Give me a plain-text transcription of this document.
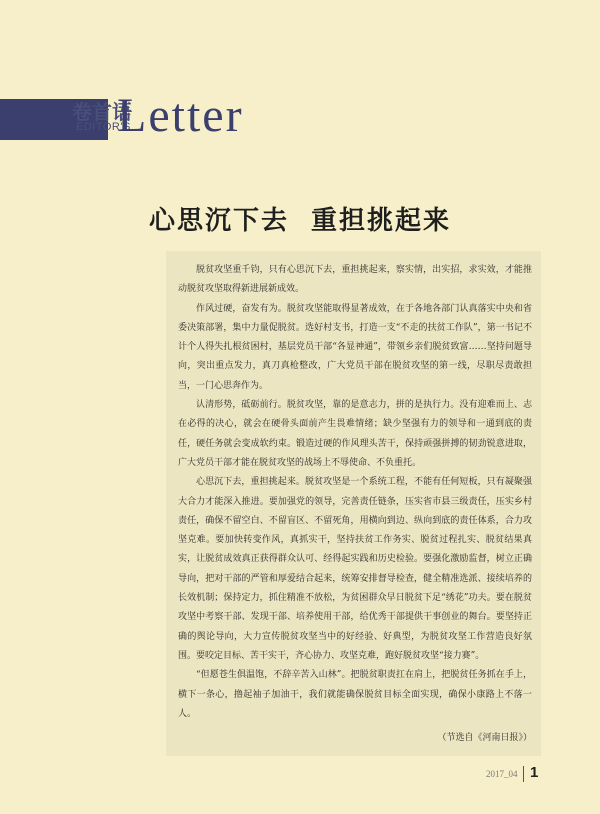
卷首语
EDITOR'S
Letter
心思沉下去  重担挑起来

脱贫攻坚重千钧，只有心思沉下去，重担挑起来，察实情，出实招，求实效，才能推动脱贫攻坚取得新进展新成效。

作风过硬，奋发有为。脱贫攻坚能取得显著成效，在于各地各部门认真落实中央和省委决策部署，集中力量促脱贫。选好村支书，打造一支“不走的扶贫工作队”，第一书记不计个人得失扎根贫困村，基层党员干部“各显神通”，带领乡亲们脱贫致富……坚持问题导向，突出重点发力，真刀真枪整改，广大党员干部在脱贫攻坚的第一线，尽职尽责敢担当，一门心思奔作为。

认清形势，砥砺前行。脱贫攻坚，靠的是意志力，拼的是执行力。没有迎难而上、志在必得的决心，就会在硬骨头面前产生畏难情绪；缺少坚强有力的领导和一通到底的责任，硬任务就会变成软约束。锻造过硬的作风理头苦干，保持顽强拼搏的韧劲锐意进取，广大党员干部才能在脱贫攻坚的战场上不辱使命、不负重托。

心思沉下去，重担挑起来。脱贫攻坚是一个系统工程，不能有任何短板，只有凝聚强大合力才能深入推进。要加强党的领导，完善责任链条，压实省市县三级责任，压实乡村责任，确保不留空白、不留盲区、不留死角，用横向到边、纵向到底的责任体系，合力攻坚克难。要加快转变作风，真抓实干，坚持扶贫工作务实、脱贫过程扎实、脱贫结果真实，让脱贫成效真正获得群众认可、经得起实践和历史检验。要强化激励监督，树立正确导向，把对干部的严管和厚爱结合起来，统筹安排督导检查，健全精准选派、接续培养的长效机制；保持定力，抓住精准不放松，为贫困群众早日脱贫下足“绣花”功夫。要在脱贫攻坚中考察干部、发现干部、培养使用干部，给优秀干部提供干事创业的舞台。要坚持正确的舆论导向，大力宣传脱贫攻坚当中的好经验、好典型，为脱贫攻坚工作营造良好氛围。要咬定目标、苦干实干，齐心协力、攻坚克难，跑好脱贫攻坚“接力赛”。

“但愿苍生俱温饱，不辞辛苦入山林”。把脱贫职责扛在肩上，把脱贫任务抓在手上，横下一条心，撸起袖子加油干，我们就能确保脱贫目标全面实现，确保小康路上不落一人。

（节选自《河南日报》）
2017_04 1
